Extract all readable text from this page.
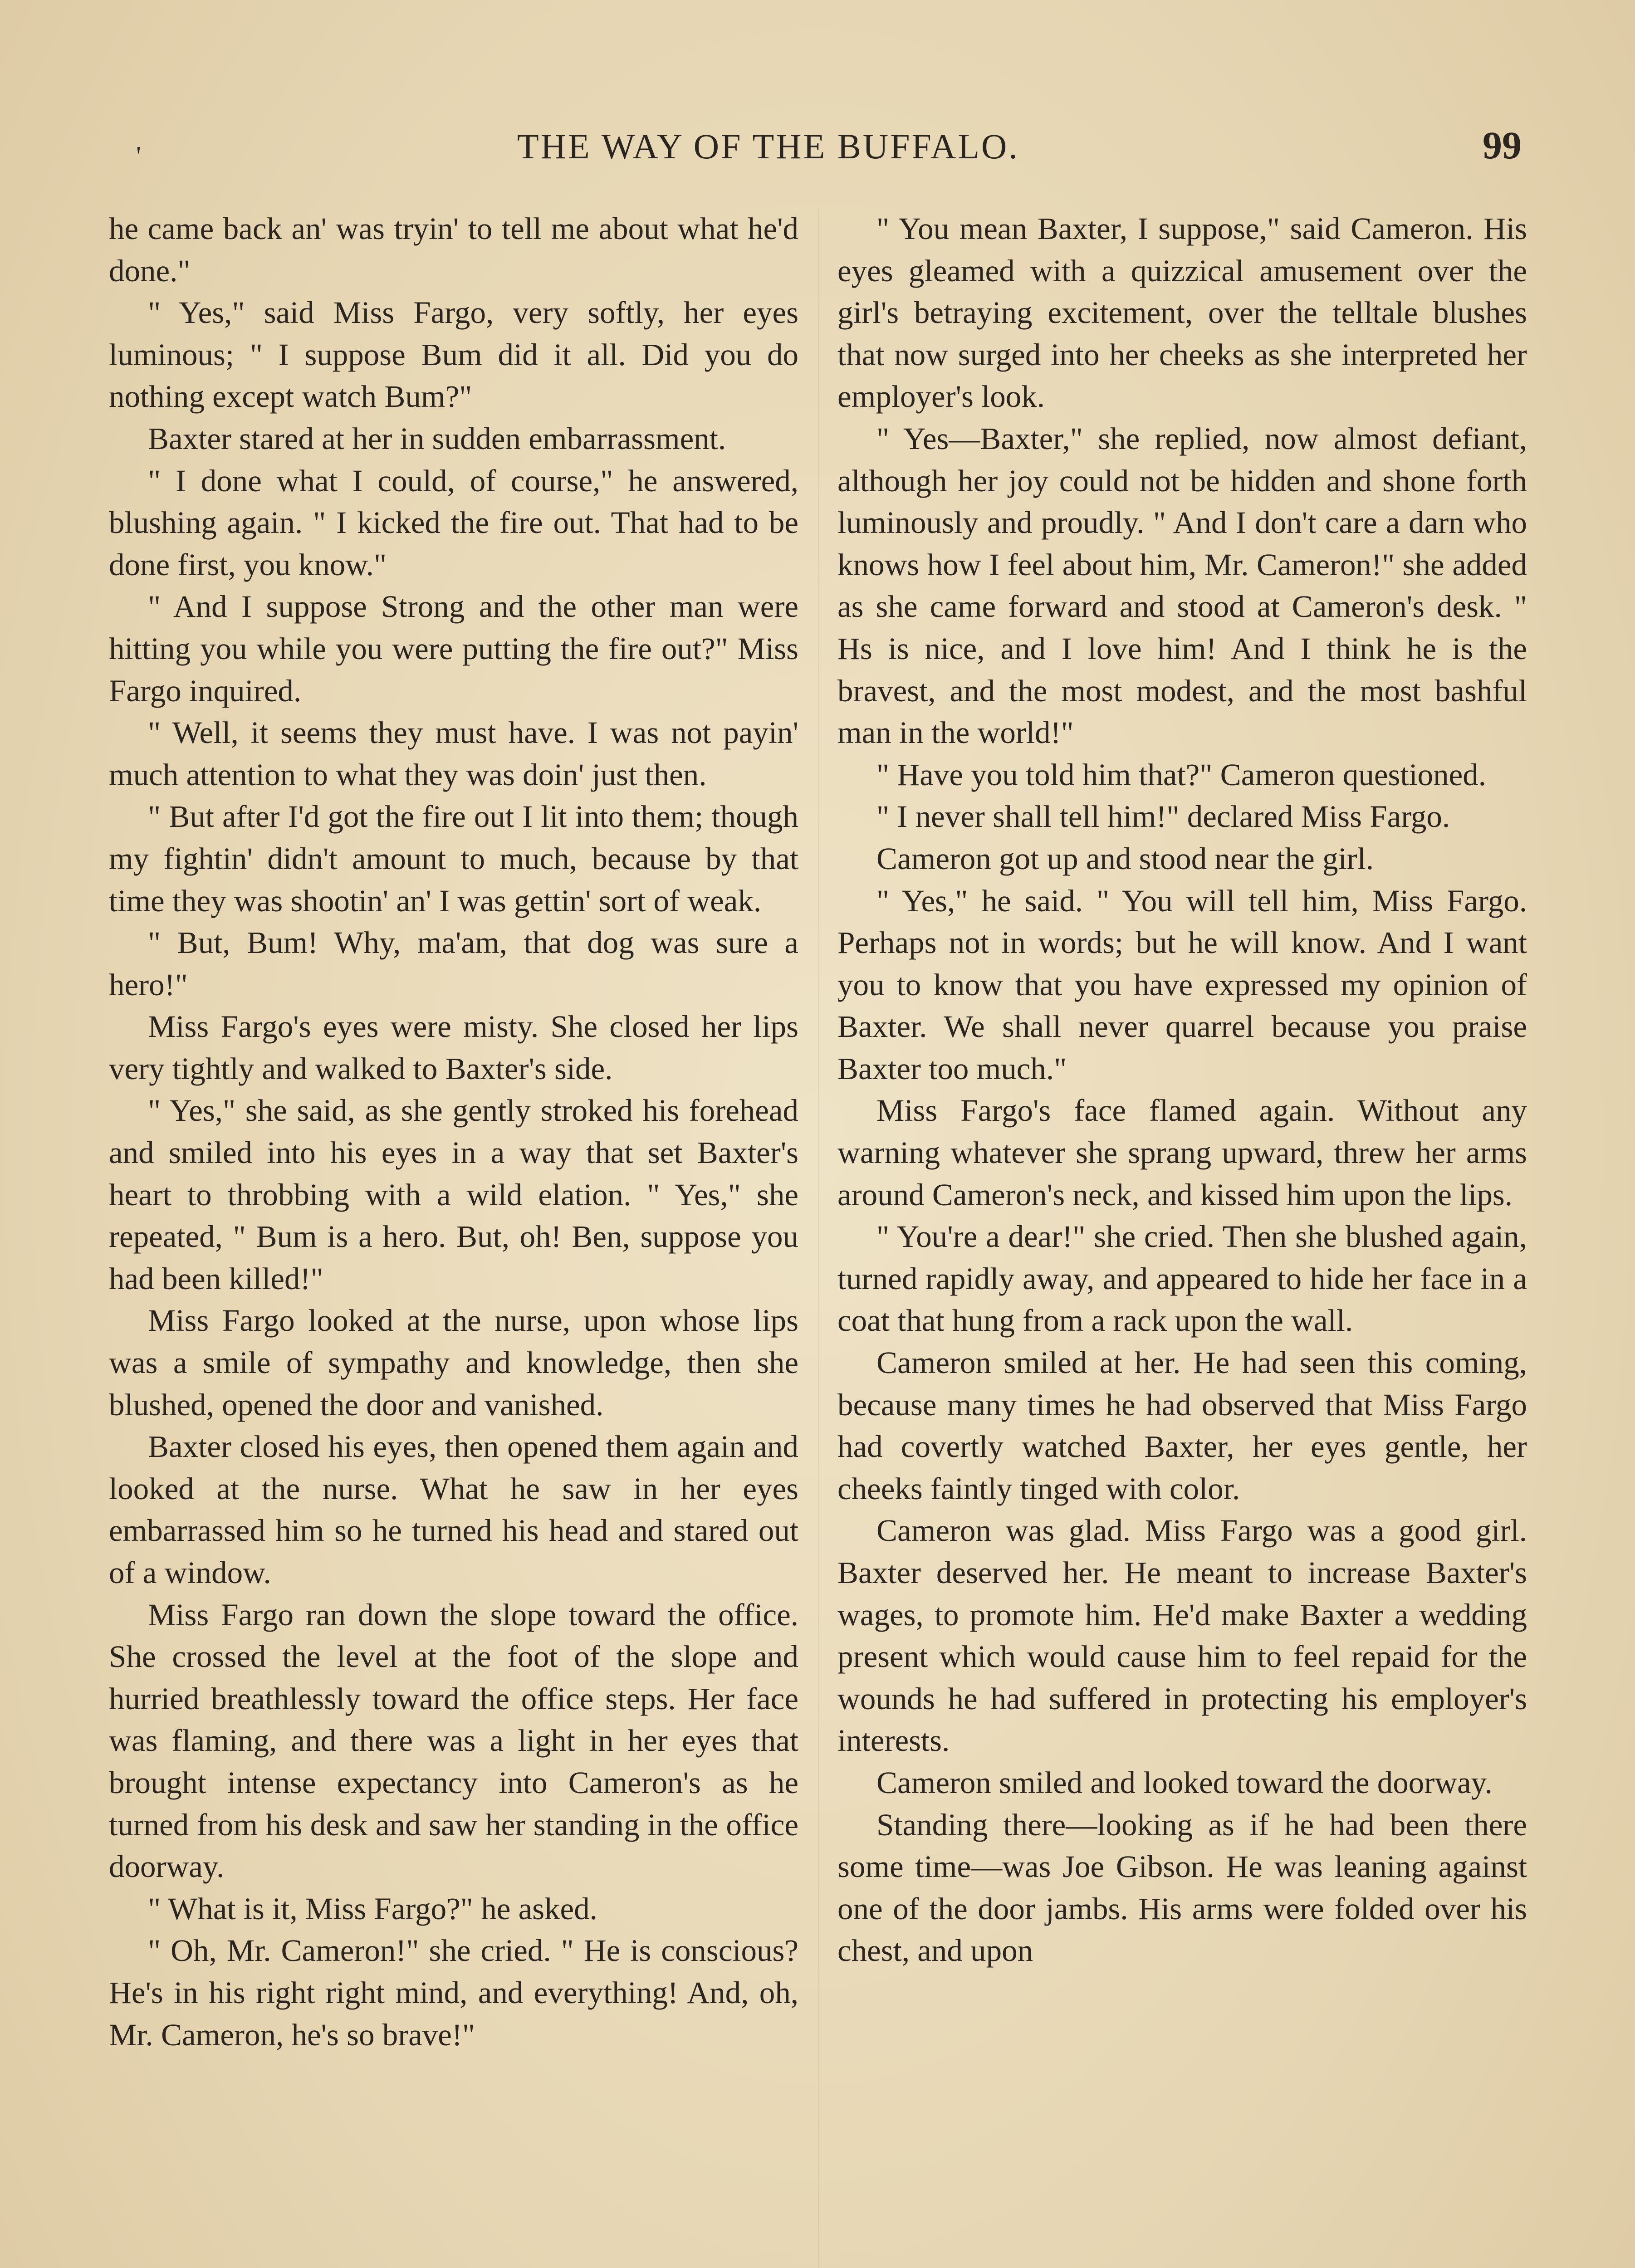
'	THE WAY OF THE BUFFALO.	99

he came back an' was tryin' to tell me about what he'd done."

" Yes," said Miss Fargo, very softly, her eyes luminous; " I suppose Bum did it all. Did you do nothing except watch Bum?"

Baxter stared at her in sudden embarrassment.

" I done what I could, of course," he answered, blushing again. " I kicked the fire out. That had to be done first, you know."

" And I suppose Strong and the other man were hitting you while you were putting the fire out?" Miss Fargo inquired.

" Well, it seems they must have. I was not payin' much attention to what they was doin' just then.

" But after I'd got the fire out I lit into them; though my fightin' didn't amount to much, because by that time they was shootin' an' I was gettin' sort of weak.

" But, Bum! Why, ma'am, that dog was sure a hero!"

Miss Fargo's eyes were misty. She closed her lips very tightly and walked to Baxter's side.

" Yes," she said, as she gently stroked his forehead and smiled into his eyes in a way that set Baxter's heart to throbbing with a wild elation. " Yes," she repeated, " Bum is a hero. But, oh! Ben, suppose you had been killed!"

Miss Fargo looked at the nurse, upon whose lips was a smile of sympathy and knowledge, then she blushed, opened the door and vanished.

Baxter closed his eyes, then opened them again and looked at the nurse. What he saw in her eyes embarrassed him so he turned his head and stared out of a window.

Miss Fargo ran down the slope toward the office. She crossed the level at the foot of the slope and hurried breathlessly toward the office steps. Her face was flaming, and there was a light in her eyes that brought intense expectancy into Cameron's as he turned from his desk and saw her standing in the office doorway.

" What is it, Miss Fargo?" he asked.

" Oh, Mr. Cameron!" she cried. " He is conscious? He's in his right right mind, and everything! And, oh, Mr. Cameron, he's so brave!"

" You mean Baxter, I suppose," said Cameron. His eyes gleamed with a quizzical amusement over the girl's betraying excitement, over the telltale blushes that now surged into her cheeks as she interpreted her employer's look.

" Yes—Baxter," she replied, now almost defiant, although her joy could not be hidden and shone forth luminously and proudly. " And I don't care a darn who knows how I feel about him, Mr. Cameron!" she added as she came forward and stood at Cameron's desk. " Hs is nice, and I love him! And I think he is the bravest, and the most modest, and the most bashful man in the world!"

" Have you told him that?" Cameron questioned.

" I never shall tell him!" declared Miss Fargo.

Cameron got up and stood near the girl.

" Yes," he said. " You will tell him, Miss Fargo. Perhaps not in words; but he will know. And I want you to know that you have expressed my opinion of Baxter. We shall never quarrel because you praise Baxter too much."

Miss Fargo's face flamed again. Without any warning whatever she sprang upward, threw her arms around Cameron's neck, and kissed him upon the lips.

" You're a dear!" she cried. Then she blushed again, turned rapidly away, and appeared to hide her face in a coat that hung from a rack upon the wall.

Cameron smiled at her. He had seen this coming, because many times he had observed that Miss Fargo had covertly watched Baxter, her eyes gentle, her cheeks faintly tinged with color.

Cameron was glad. Miss Fargo was a good girl. Baxter deserved her. He meant to increase Baxter's wages, to promote him. He'd make Baxter a wedding present which would cause him to feel repaid for the wounds he had suffered in protecting his employer's interests.

Cameron smiled and looked toward the doorway.

Standing there—looking as if he had been there some time—was Joe Gibson. He was leaning against one of the door jambs. His arms were folded over his chest, and upon
